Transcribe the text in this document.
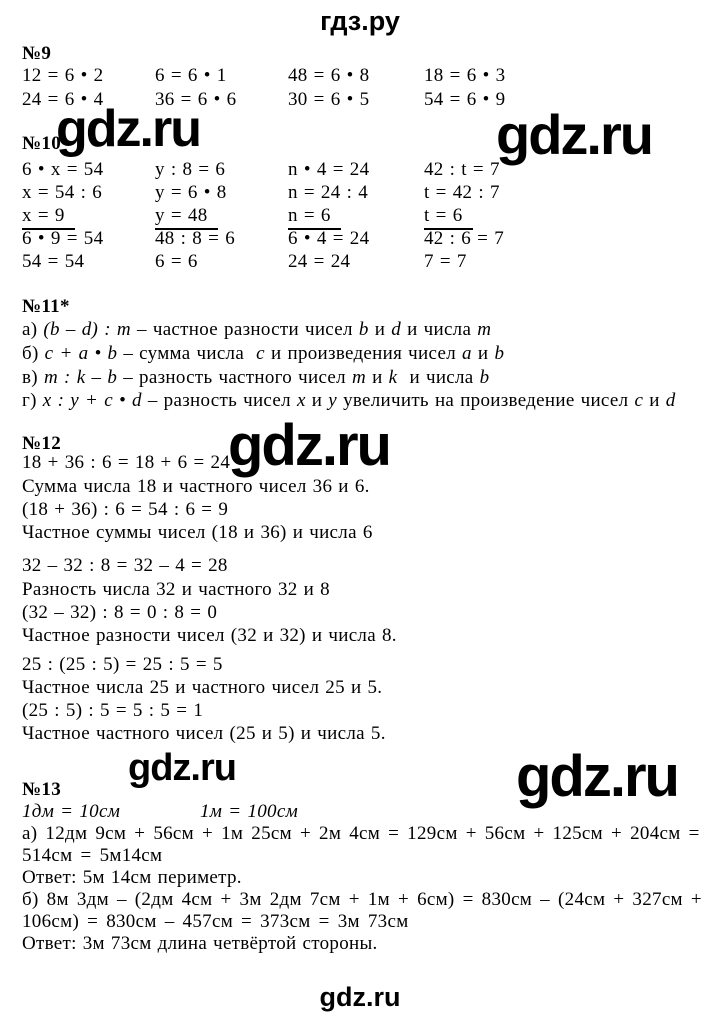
gdz.ru	gdz.ru
gdz.ru
gdz.ru	gdz.ru
гдз.ру
gdz.ru
№9
12 = 6 • 2	6 = 6 • 1	48 = 6 • 8	18 = 6 • 3
24 = 6 • 4	36 = 6 • 6	30 = 6 • 5	54 = 6 • 9
№10
6 • x = 54	y : 8 = 6	n • 4 = 24	42 : t = 7
x = 54 : 6	y = 6 • 8	n = 24 : 4	t = 42 : 7
x = 9	y = 48	n = 6	t = 6
6 • 9 = 54	48 : 8 = 6	6 • 4 = 24	42 : 6 = 7
54 = 54	6 = 6	24 = 24	7 = 7
№11*
а) (b – d) : m – частное разности чисел b и d и числа m
б) c + a • b – сумма числа  c и произведения чисел a и b
в) m : k – b – разность частного чисел m и k  и числа b
г) x : y + c • d – разность чисел x и y увеличить на произведение чисел c и d
№12
18 + 36 : 6 = 18 + 6 = 24
Сумма числа 18 и частного чисел 36 и 6.
(18 + 36) : 6 = 54 : 6 = 9
Частное суммы чисел (18 и 36) и числа 6
32 – 32 : 8 = 32 – 4 = 28
Разность числа 32 и частного 32 и 8
(32 – 32) : 8 = 0 : 8 = 0
Частное разности чисел (32 и 32) и числа 8.
25 : (25 : 5) = 25 : 5 = 5
Частное числа 25 и частного чисел 25 и 5.
(25 : 5) : 5 = 5 : 5 = 1
Частное частного чисел (25 и 5) и числа 5.
№13
1дм = 10см	1м = 100см
а) 12дм 9см + 56см + 1м 25см + 2м 4см = 129см + 56см + 125см + 204см =
514см = 5м14см
Ответ: 5м 14см периметр.
б) 8м 3дм – (2дм 4см + 3м 2дм 7см + 1м + 6см) = 830см – (24см + 327см +
106см) = 830см – 457см = 373см = 3м 73см
Ответ: 3м 73см длина четвёртой стороны.
